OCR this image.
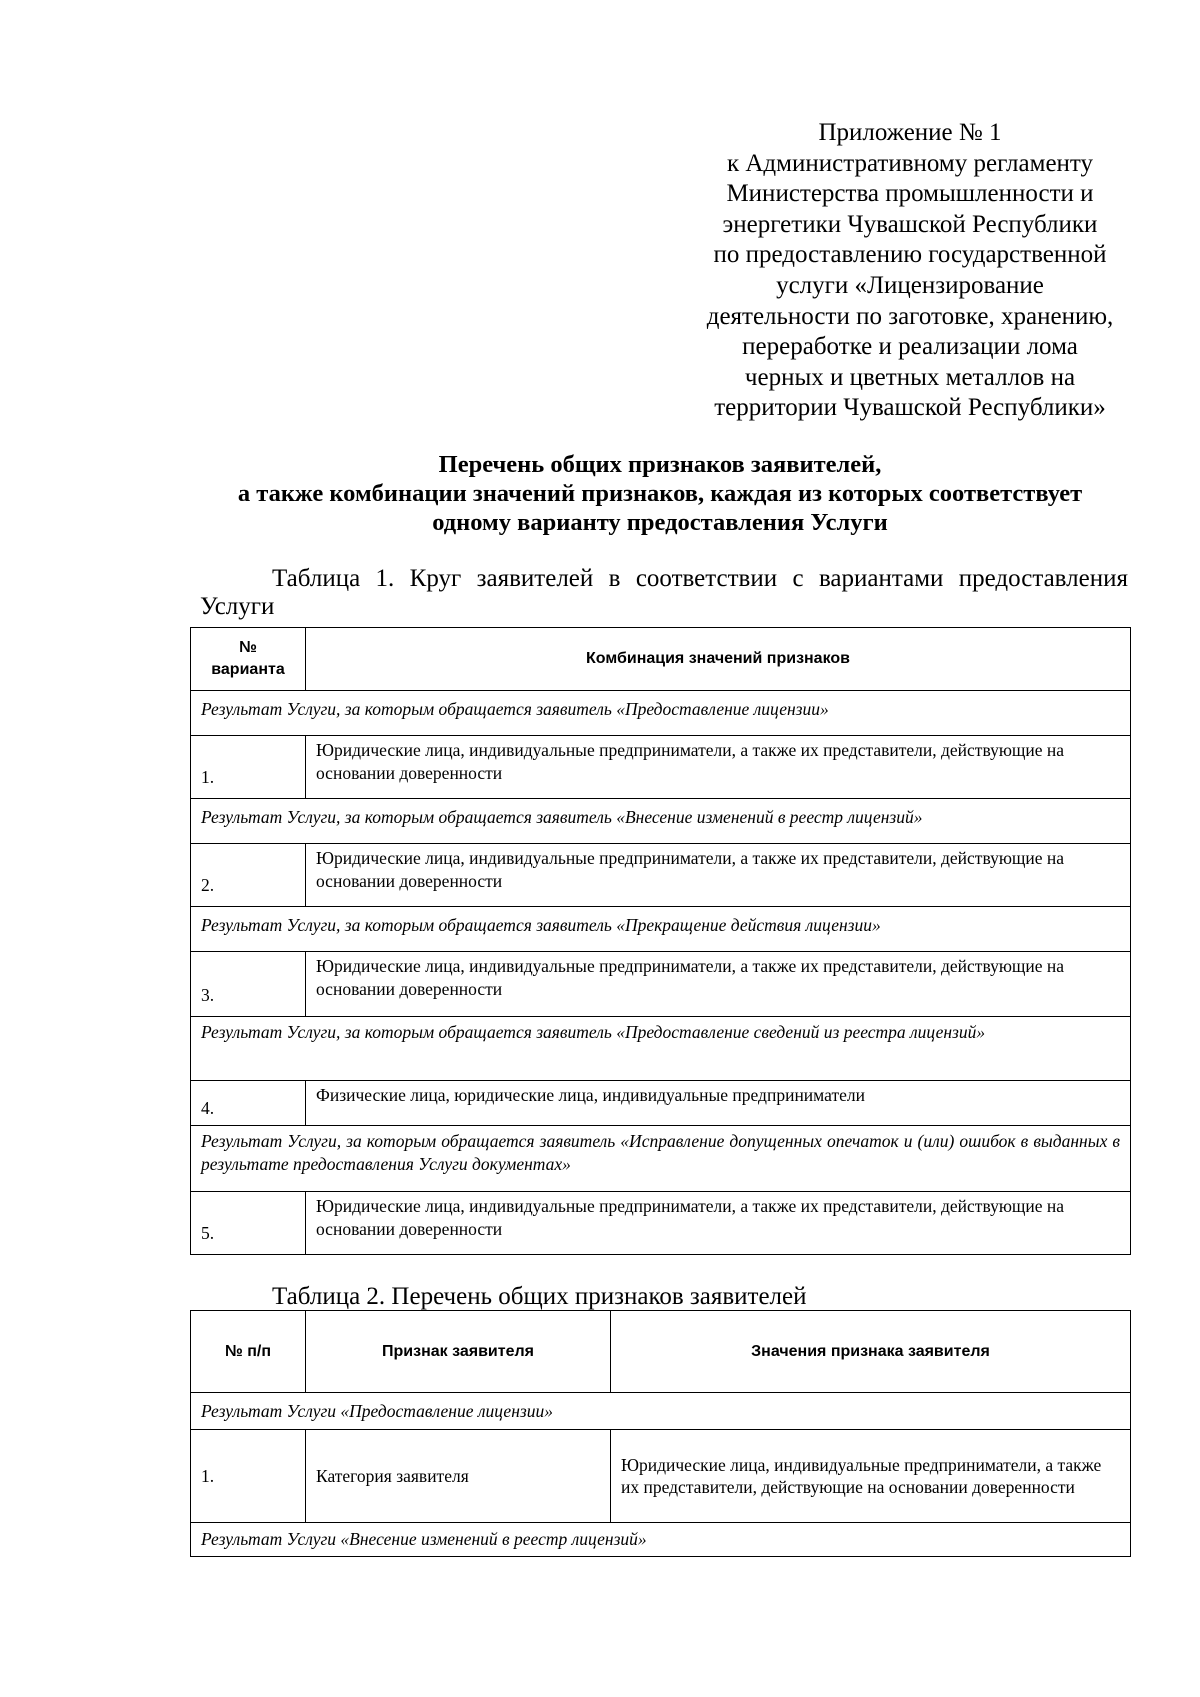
Приложение № 1
к Административному регламенту
Министерства промышленности и
энергетики Чувашской Республики
по предоставлению государственной
услуги «Лицензирование
деятельности по заготовке, хранению,
переработке и реализации лома
черных и цветных металлов на
территории Чувашской Республики»
Перечень общих признаков заявителей,
а также комбинации значений признаков, каждая из которых соответствует
одному варианту предоставления Услуги
Таблица 1. Круг заявителей в соответствии с вариантами предоставления Услуги
№
варианта	Комбинация значений признаков
Результат Услуги, за которым обращается заявитель «Предоставление лицензии»	
1.	Юридические лица, индивидуальные предприниматели, а также их представители, действующие на основании доверенности
Результат Услуги, за которым обращается заявитель «Внесение изменений в реестр лицензий»	
2.	Юридические лица, индивидуальные предприниматели, а также их представители, действующие на основании доверенности
Результат Услуги, за которым обращается заявитель «Прекращение действия лицензии»	
3.	Юридические лица, индивидуальные предприниматели, а также их представители, действующие на основании доверенности
Результат Услуги, за которым обращается заявитель «Предоставление сведений из реестра лицензий»	
4.	Физические лица, юридические лица, индивидуальные предприниматели
Результат Услуги, за которым обращается заявитель «Исправление допущенных опечаток и (или) ошибок в выданных в результате предоставления Услуги документах»	
5.	Юридические лица, индивидуальные предприниматели, а также их представители, действующие на основании доверенности
Таблица 2. Перечень общих признаков заявителей
№ п/п	Признак заявителя	Значения признака заявителя
Результат Услуги «Предоставление лицензии»		
1.	Категория заявителя	Юридические лица, индивидуальные предприниматели, а также их представители, действующие на основании доверенности
Результат Услуги «Внесение изменений в реестр лицензий»		
